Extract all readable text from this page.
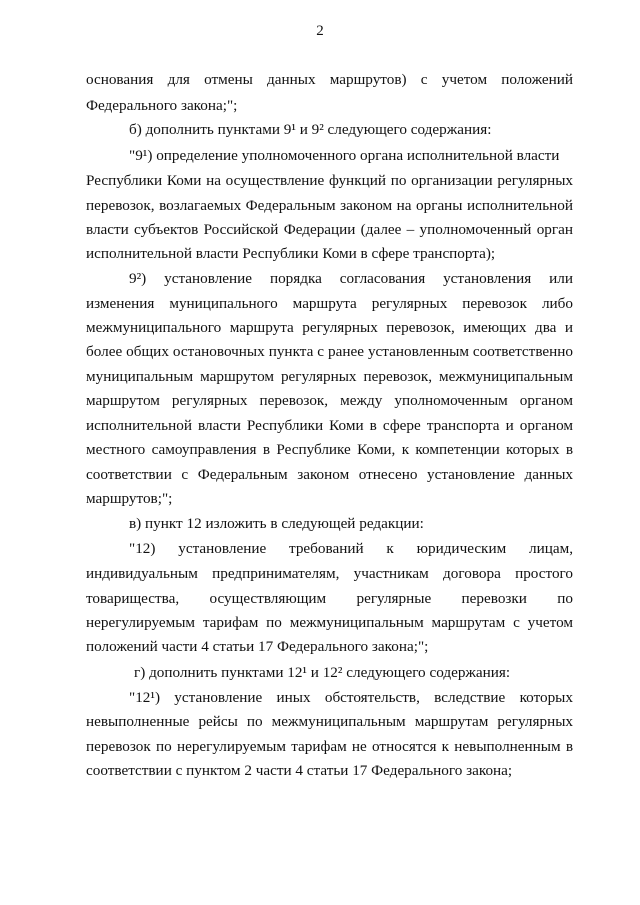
2
основания для отмены данных маршрутов) с учетом положений
Федерального закона;";
б) дополнить пунктами 9¹ и 9² следующего содержания:
"9¹) определение уполномоченного органа исполнительной власти
Республики Коми на осуществление функций по организации регулярных
перевозок, возлагаемых Федеральным законом на органы исполнительной
власти субъектов Российской Федерации (далее – уполномоченный орган
исполнительной власти Республики Коми в сфере транспорта);
9²) установление порядка согласования установления или
изменения муниципального маршрута регулярных перевозок либо
межмуниципального маршрута регулярных перевозок, имеющих два и
более общих остановочных пункта с ранее установленным соответственно
муниципальным маршрутом регулярных перевозок, межмуниципальным
маршрутом регулярных перевозок, между уполномоченным органом
исполнительной власти Республики Коми в сфере транспорта и органом
местного самоуправления в Республике Коми, к компетенции которых в
соответствии с Федеральным законом отнесено установление данных
маршрутов;";
в) пункт 12 изложить в следующей редакции:
"12) установление требований к юридическим лицам,
индивидуальным предпринимателям, участникам договора простого
товарищества, осуществляющим регулярные перевозки по
нерегулируемым тарифам по межмуниципальным маршрутам с учетом
положений части 4 статьи 17 Федерального закона;";
г) дополнить пунктами 12¹ и 12² следующего содержания:
"12¹) установление иных обстоятельств, вследствие которых
невыполненные рейсы по межмуниципальным маршрутам регулярных
перевозок по нерегулируемым тарифам не относятся к невыполненным в
соответствии с пунктом 2 части 4 статьи 17 Федерального закона;
